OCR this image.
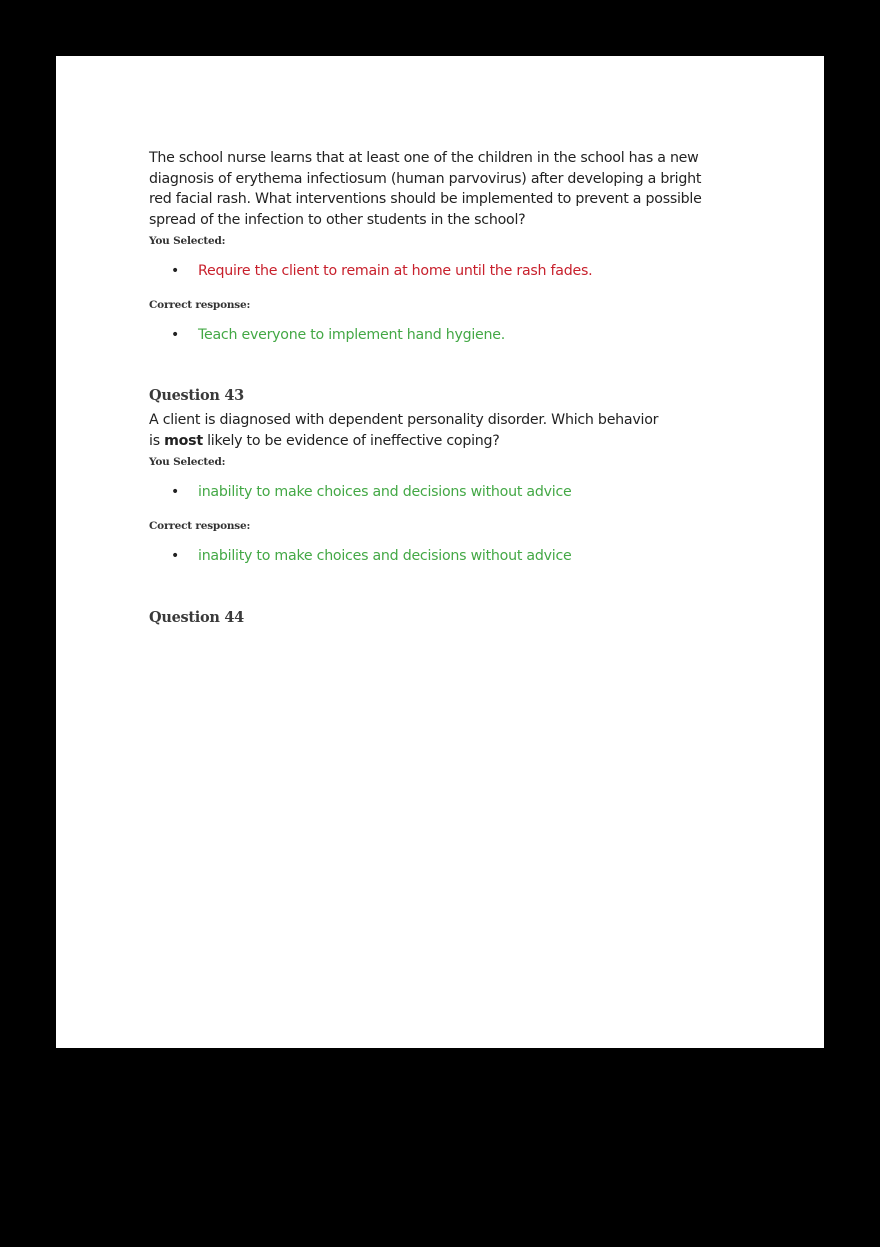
The school nurse learns that at least one of the children in the school has a new diagnosis of erythema infectiosum (human parvovirus) after developing a bright red facial rash. What interventions should be implemented to prevent a possible spread of the infection to other students in the school?

You Selected:

• Require the client to remain at home until the rash fades.

Correct response:

• Teach everyone to implement hand hygiene.

Question 43

A client is diagnosed with dependent personality disorder. Which behavior is most likely to be evidence of ineffective coping?

You Selected:

• inability to make choices and decisions without advice

Correct response:

• inability to make choices and decisions without advice

Question 44
